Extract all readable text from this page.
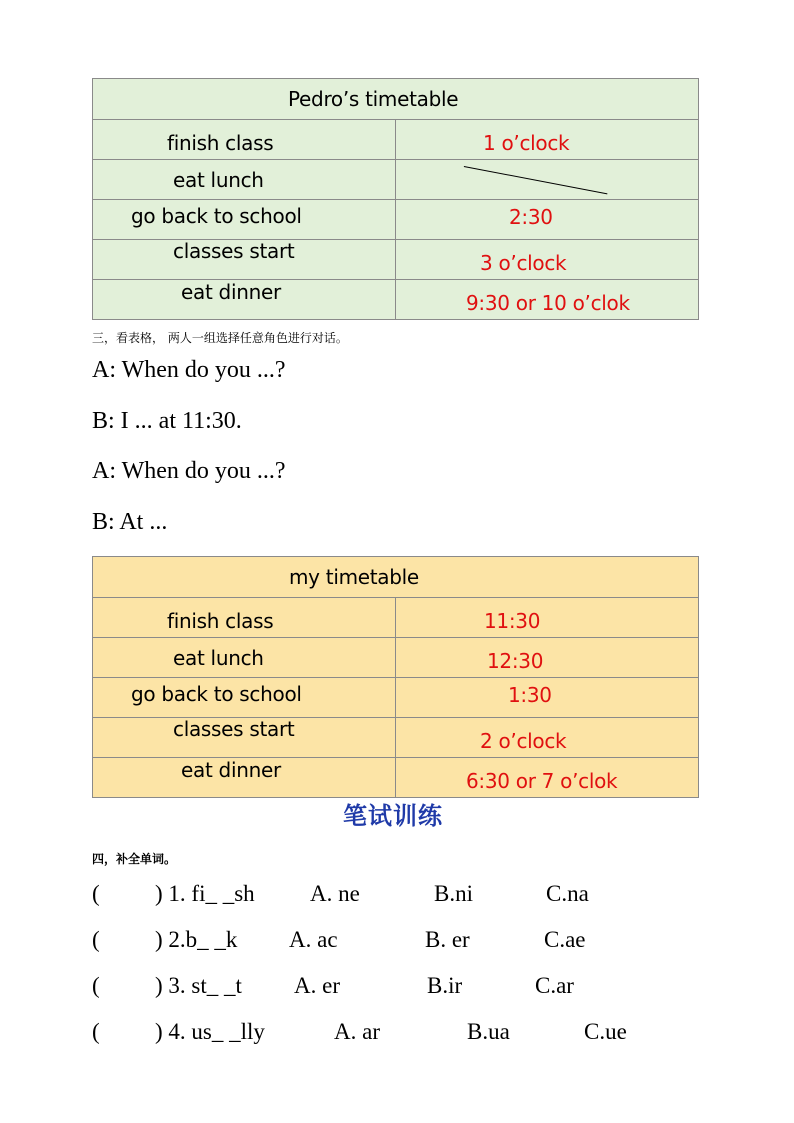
Pedro’s timetable	

finish class	1 o’clock

eat lunch	

go back to school	2:30

classes start	3 o’clock

eat dinner	9:30 or 10 o’clok
三，看表格， 两人一组选择任意角色进行对话。
A: When do you ...?
B: I ... at 11:30.
A: When do you ...?
B: At ...
my timetable	

finish class	11:30

eat lunch	12:30

go back to school	1:30

classes start	2 o’clock

eat dinner	6:30 or 7 o’clok
笔试训练
四，补全单词。
( ) 1. fi_ _sh A. ne	B.ni	C.na
( ) 2.b_ _k A. ac	B. er	C.ae
( ) 3. st_ _t A. er	B.ir	C.ar
( ) 4. us_ _lly	A. ar	B.ua	C.ue
